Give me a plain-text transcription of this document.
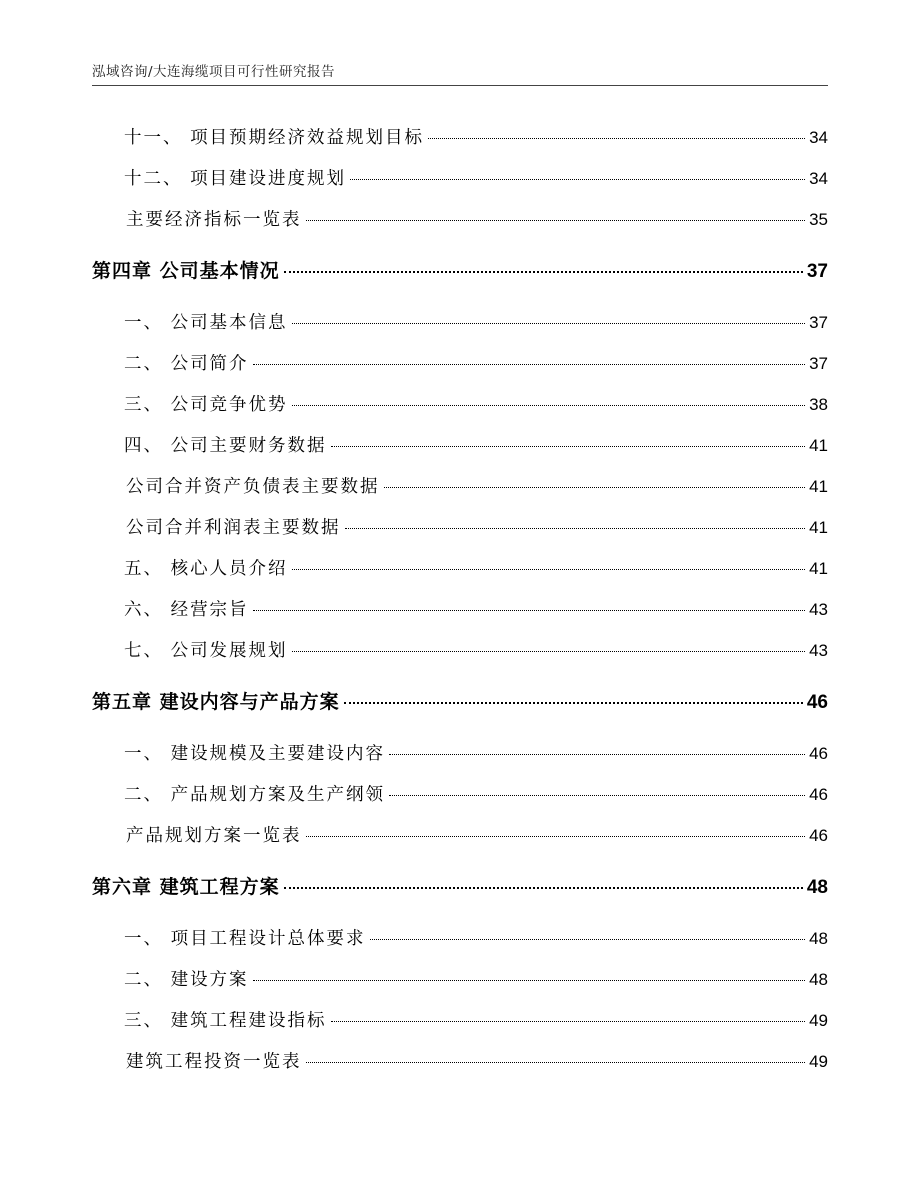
泓域咨询/大连海缆项目可行性研究报告
十一、 项目预期经济效益规划目标	34
十二、 项目建设进度规划	34
主要经济指标一览表	35
第四章 公司基本情况	37
一、 公司基本信息	37
二、 公司简介	37
三、 公司竞争优势	38
四、 公司主要财务数据	41
公司合并资产负债表主要数据	41
公司合并利润表主要数据	41
五、 核心人员介绍	41
六、 经营宗旨	43
七、 公司发展规划	43
第五章 建设内容与产品方案	46
一、 建设规模及主要建设内容	46
二、 产品规划方案及生产纲领	46
产品规划方案一览表	46
第六章 建筑工程方案	48
一、 项目工程设计总体要求	48
二、 建设方案	48
三、 建筑工程建设指标	49
建筑工程投资一览表	49
